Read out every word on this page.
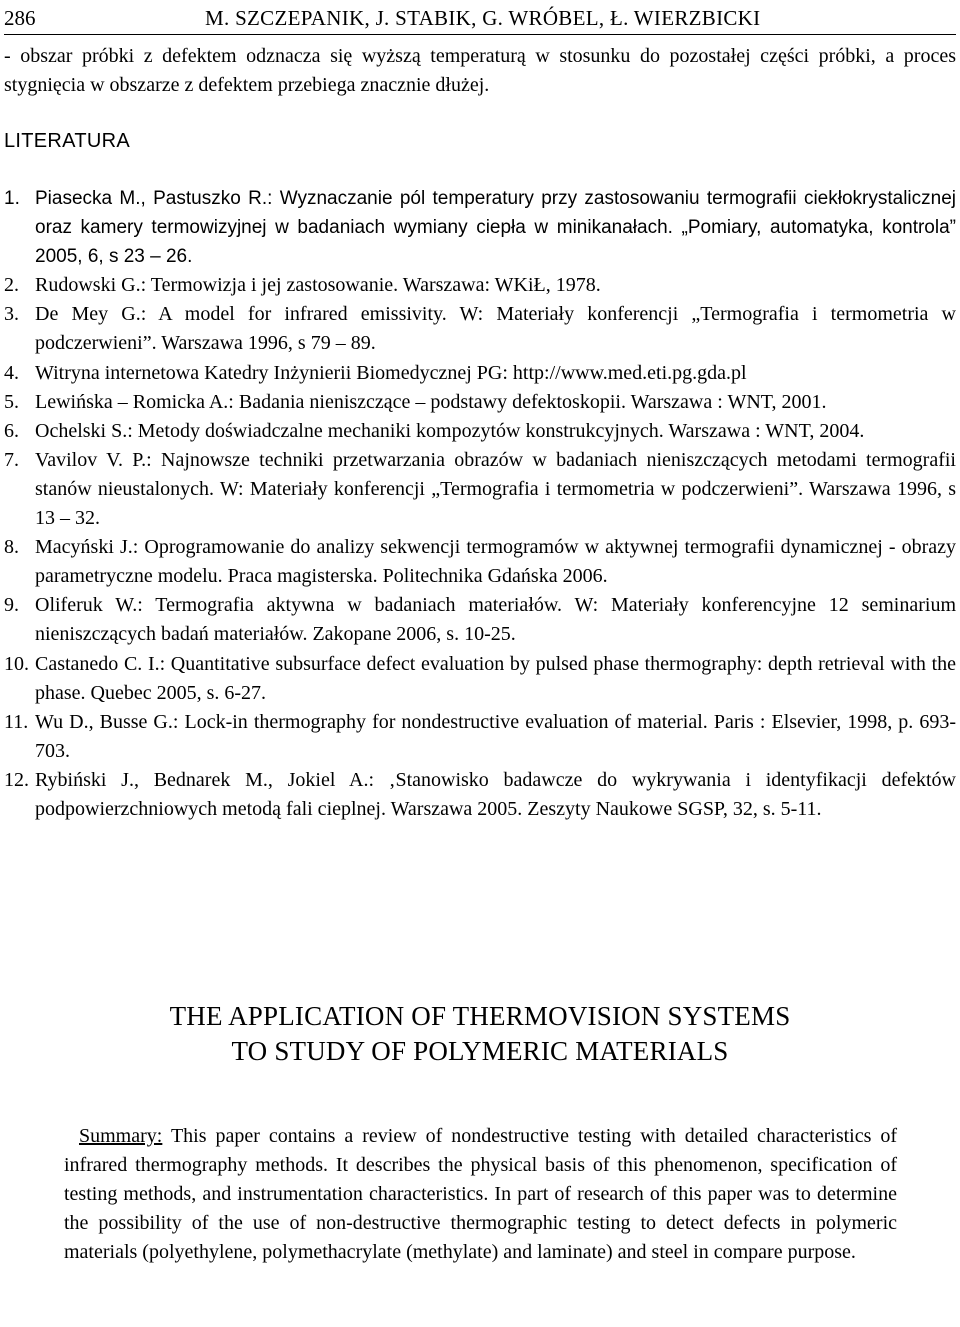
286	M. SZCZEPANIK, J. STABIK, G. WRÓBEL, Ł. WIERZBICKI
- obszar próbki z defektem odznacza się wyższą temperaturą w stosunku do pozostałej części próbki, a proces stygnięcia w obszarze z defektem przebiega znacznie dłużej.
LITERATURA
1. Piasecka M., Pastuszko R.: Wyznaczanie pól temperatury przy zastosowaniu termografii ciekłokrystalicznej oraz kamery termowizyjnej w badaniach wymiany ciepła w minikanałach. „Pomiary, automatyka, kontrola” 2005, 6, s 23 – 26.
2. Rudowski G.: Termowizja i jej zastosowanie. Warszawa: WKiŁ, 1978.
3. De Mey G.: A model for infrared emissivity. W: Materiały konferencji „Termografia i termometria w podczerwieni”. Warszawa 1996, s 79 – 89.
4. Witryna internetowa Katedry Inżynierii Biomedycznej PG: http://www.med.eti.pg.gda.pl
5. Lewińska – Romicka A.: Badania nieniszczące – podstawy defektoskopii. Warszawa : WNT, 2001.
6. Ochelski S.: Metody doświadczalne mechaniki kompozytów konstrukcyjnych. Warszawa : WNT, 2004.
7. Vavilov V. P.: Najnowsze techniki przetwarzania obrazów w badaniach nieniszczących metodami termografii stanów nieustalonych. W: Materiały konferencji „Termografia i termometria w podczerwieni”. Warszawa 1996, s 13 – 32.
8. Macyński J.: Oprogramowanie do analizy sekwencji termogramów w aktywnej termografii dynamicznej - obrazy parametryczne modelu. Praca magisterska. Politechnika Gdańska 2006.
9. Oliferuk W.: Termografia aktywna w badaniach materiałów. W: Materiały konferencyjne 12 seminarium nieniszczących badań materiałów. Zakopane 2006, s. 10-25.
10. Castanedo C. I.: Quantitative subsurface defect evaluation by pulsed phase thermography: depth retrieval with the phase. Quebec 2005, s. 6-27.
11. Wu D., Busse G.: Lock-in thermography for nondestructive evaluation of material. Paris : Elsevier, 1998, p. 693-703.
12. Rybiński J., Bednarek M., Jokiel A.: ‚Stanowisko badawcze do wykrywania i identyfikacji defektów podpowierzchniowych metodą fali cieplnej. Warszawa 2005. Zeszyty Naukowe SGSP, 32, s. 5-11.
THE APPLICATION OF THERMOVISION SYSTEMS
TO STUDY OF POLYMERIC MATERIALS
Summary: This paper contains a review of nondestructive testing with detailed characteristics of infrared thermography methods. It describes the physical basis of this phenomenon, specification of testing methods, and instrumentation characteristics. In part of research of this paper was to determine the possibility of the use of non-destructive thermographic testing to detect defects in polymeric materials (polyethylene, polymethacrylate (methylate) and laminate) and steel in compare purpose.
